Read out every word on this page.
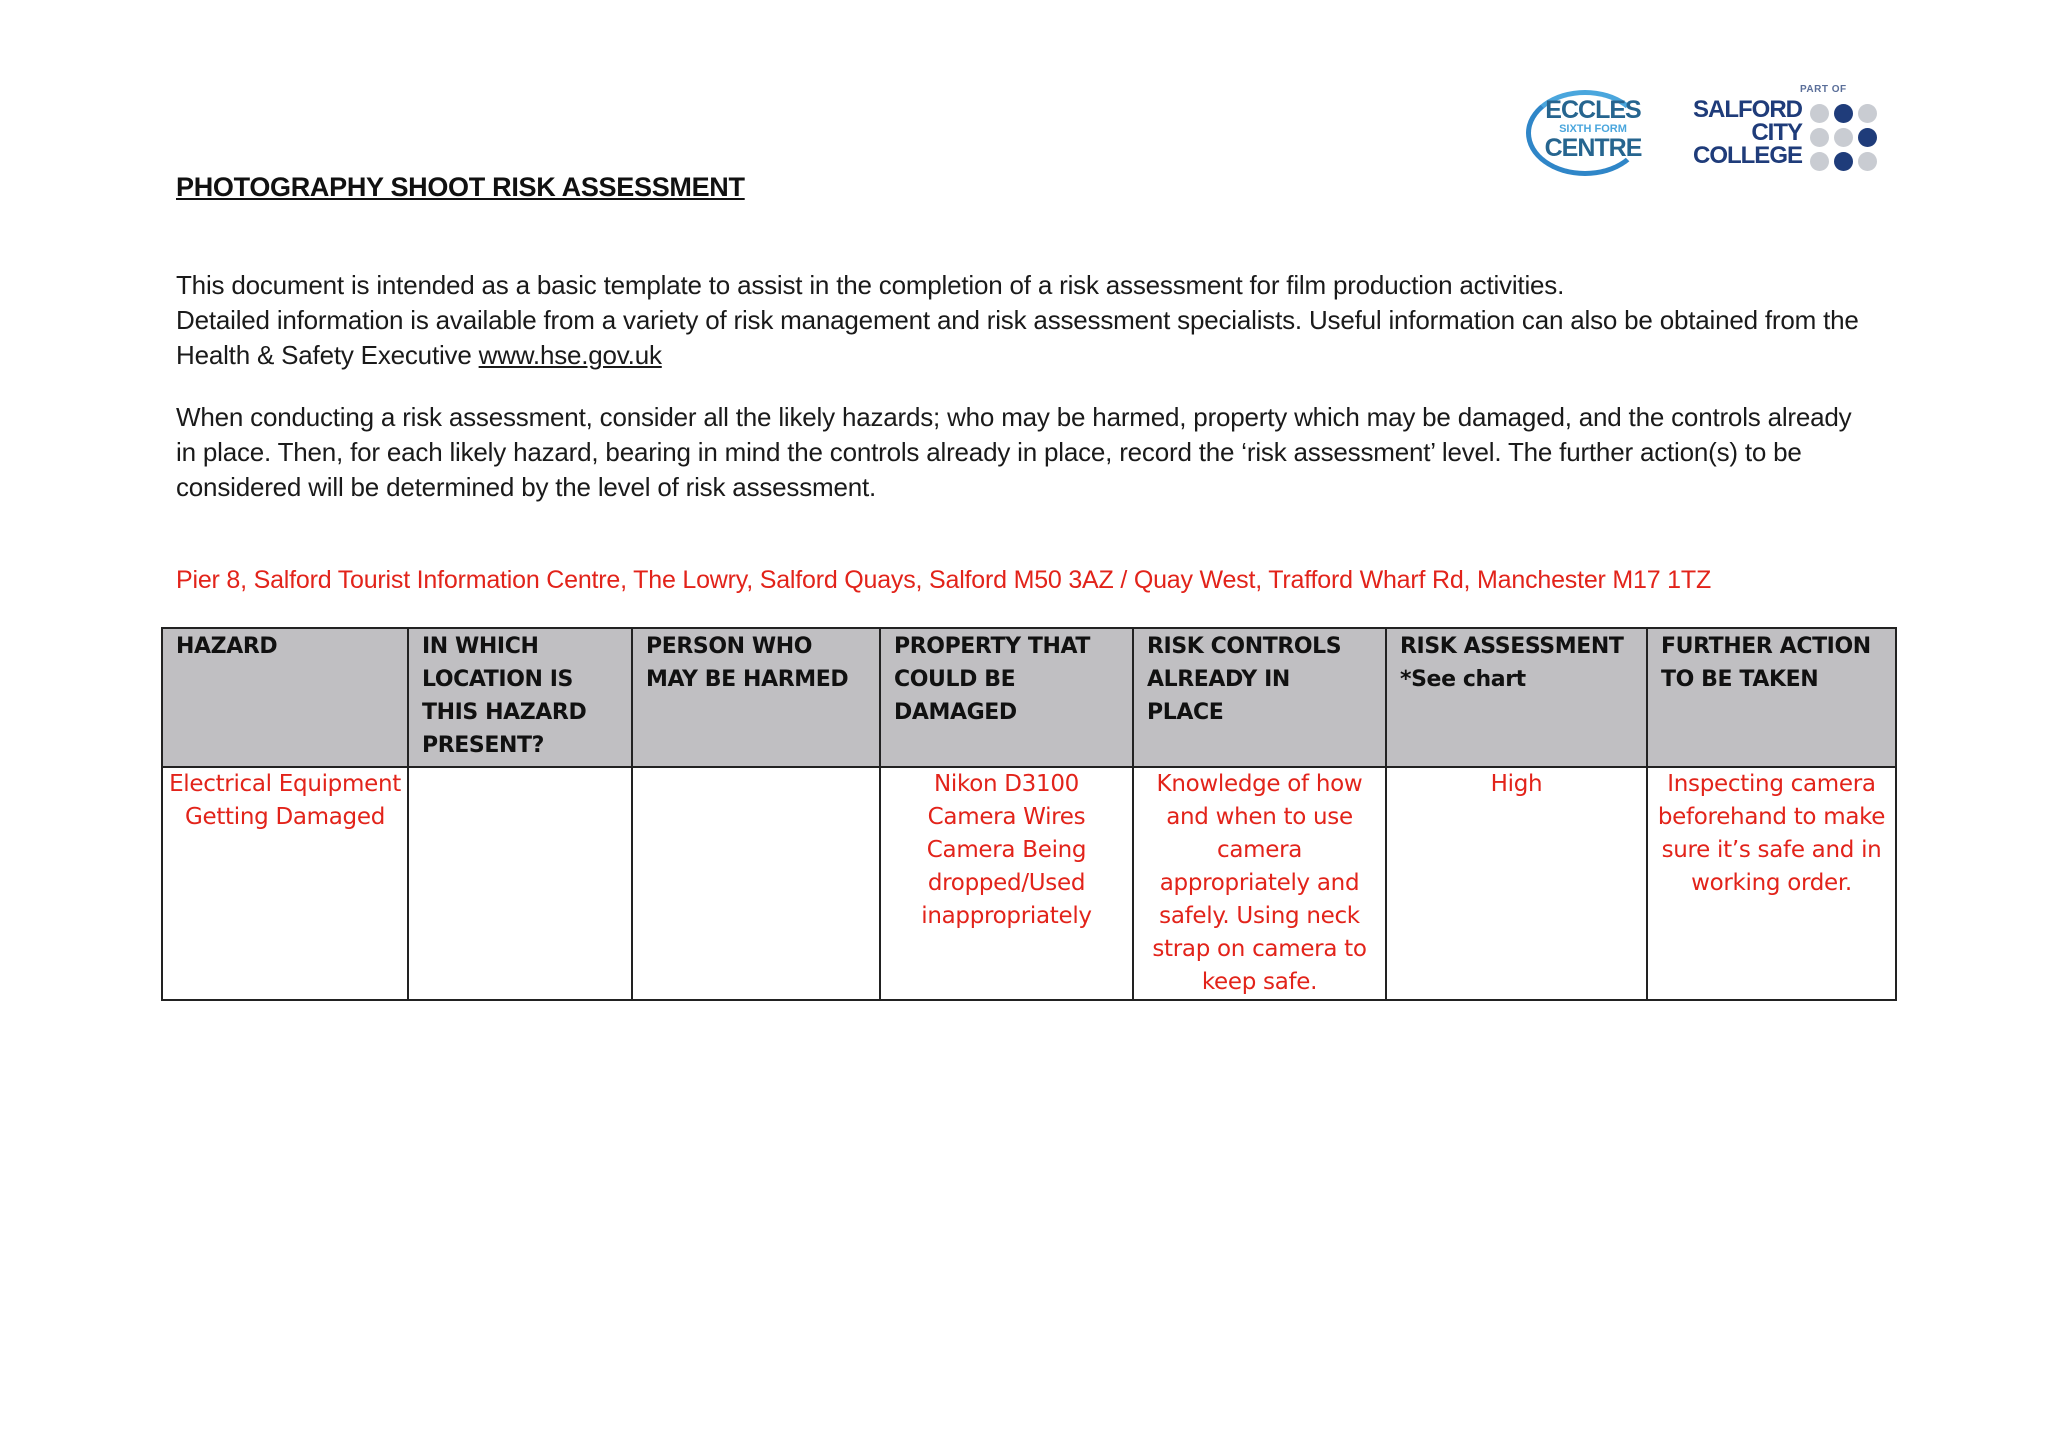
ECCLES
SIXTH FORM
CENTRE
PART OF
SALFORD
CITY
COLLEGE
PHOTOGRAPHY SHOOT RISK ASSESSMENT
This document is intended as a basic template to assist in the completion of a risk assessment for film production activities.
Detailed information is available from a variety of risk management and risk assessment specialists. Useful information can also be obtained from the Health & Safety Executive www.hse.gov.uk
When conducting a risk assessment, consider all the likely hazards; who may be harmed, property which may be damaged, and the controls already in place. Then, for each likely hazard, bearing in mind the controls already in place, record the ‘risk assessment’ level. The further action(s) to be considered will be determined by the level of risk assessment.
Pier 8, Salford Tourist Information Centre, The Lowry, Salford Quays, Salford M50 3AZ / Quay West, Trafford Wharf Rd, Manchester M17 1TZ
HAZARD	IN WHICH LOCATION IS THIS HAZARD PRESENT?	PERSON WHO MAY BE HARMED	PROPERTY THAT COULD BE DAMAGED	RISK CONTROLS ALREADY IN PLACE	RISK ASSESSMENT *See chart	FURTHER ACTION TO BE TAKEN
Electrical Equipment Getting Damaged			Nikon D3100 Camera Wires Camera Being dropped/Used inappropriately	Knowledge of how and when to use camera appropriately and safely. Using neck strap on camera to keep safe.	High	Inspecting camera beforehand to make sure it’s safe and in working order.
